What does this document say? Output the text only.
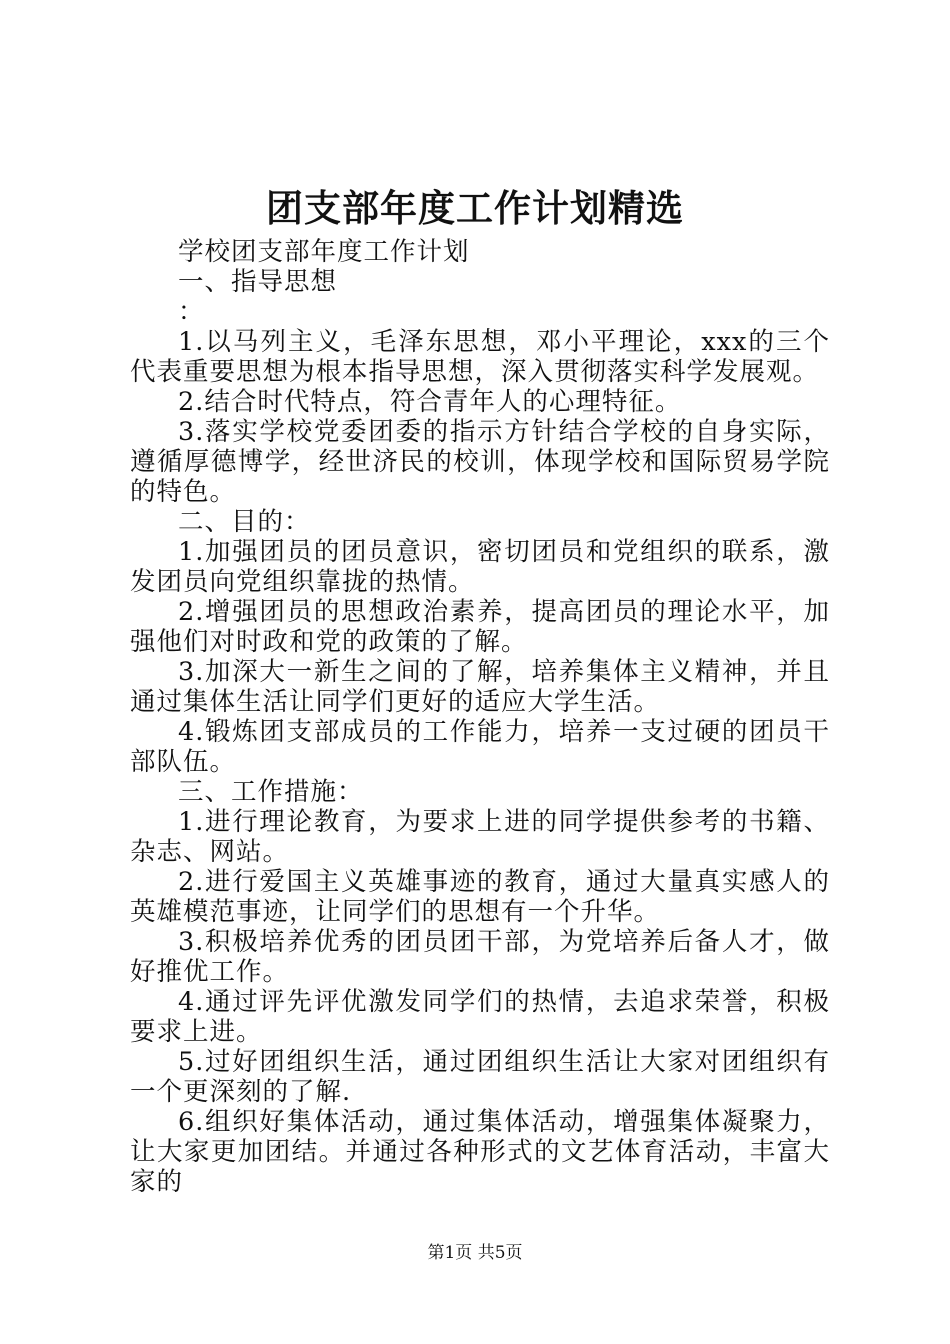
团支部年度工作计划精选

学校团支部年度工作计划

一、指导思想

：

1.以马列主义，毛泽东思想，邓小平理论，xxx的三个代表重要思想为根本指导思想，深入贯彻落实科学发展观。

2.结合时代特点，符合青年人的心理特征。

3.落实学校党委团委的指示方针结合学校的自身实际，遵循厚德博学，经世济民的校训，体现学校和国际贸易学院的特色。

二、目的：

1.加强团员的团员意识，密切团员和党组织的联系，激发团员向党组织靠拢的热情。

2.增强团员的思想政治素养，提高团员的理论水平，加强他们对时政和党的政策的了解。

3.加深大一新生之间的了解，培养集体主义精神，并且通过集体生活让同学们更好的适应大学生活。

4.锻炼团支部成员的工作能力，培养一支过硬的团员干部队伍。

三、工作措施：

1.进行理论教育，为要求上进的同学提供参考的书籍、杂志、网站。

2.进行爱国主义英雄事迹的教育，通过大量真实感人的英雄模范事迹，让同学们的思想有一个升华。

3.积极培养优秀的团员团干部，为党培养后备人才，做好推优工作。

4.通过评先评优激发同学们的热情，去追求荣誉，积极要求上进。

5.过好团组织生活，通过团组织生活让大家对团组织有一个更深刻的了解.

6.组织好集体活动，通过集体活动，增强集体凝聚力，让大家更加团结。并通过各种形式的文艺体育活动，丰富大家的

第1页 共5页
